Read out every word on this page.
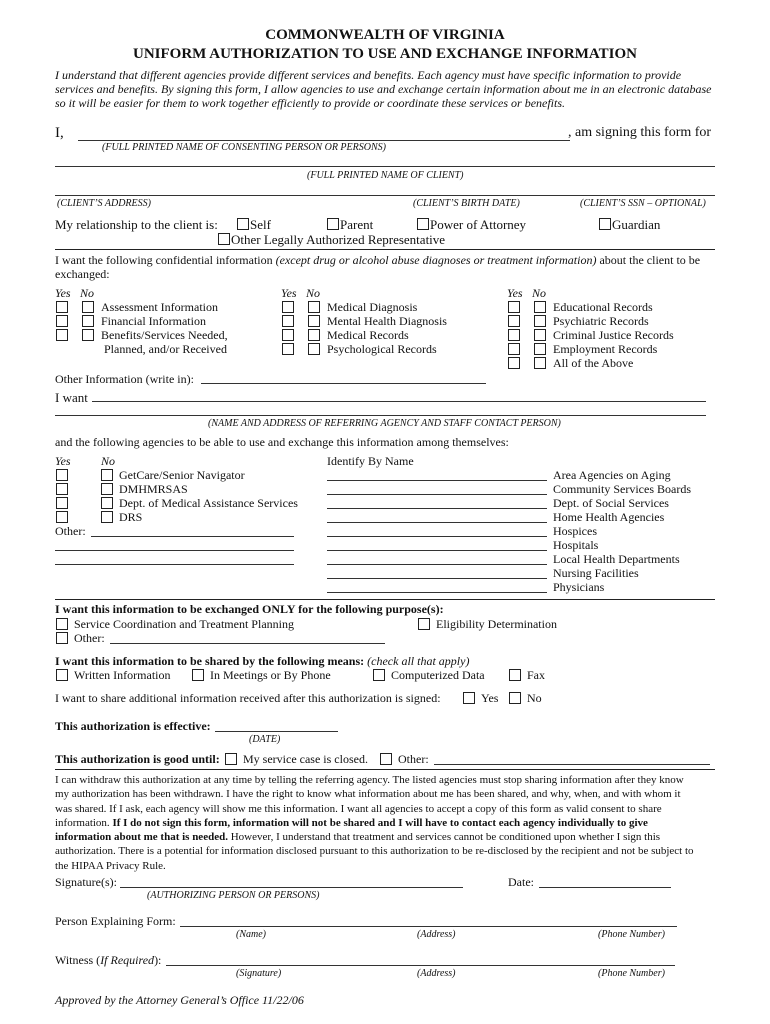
COMMONWEALTH OF VIRGINIA
UNIFORM AUTHORIZATION TO USE AND EXCHANGE INFORMATION
I understand that different agencies provide different services and benefits. Each agency must have specific information to provide
services and benefits. By signing this form, I allow agencies to use and exchange certain information about me in an electronic database
so it will be easier for them to work together efficiently to provide or coordinate these services or benefits.
I,	, am signing this form for
(FULL PRINTED NAME OF CONSENTING PERSON OR PERSONS)
(FULL PRINTED NAME OF CLIENT)
(CLIENT’S ADDRESS)	(CLIENT’S BIRTH DATE)	(CLIENT’S SSN – OPTIONAL)
My relationship to the client is: Self	Parent	Power of Attorney	Guardian
Other Legally Authorized Representative
I want the following confidential information (except drug or alcohol abuse diagnoses or treatment information) about the client to be
exchanged:
Yes No	Yes No	Yes No
Assessment Information
Financial Information
Benefits/Services Needed,
Planned, and/or Received
Medical Diagnosis
Mental Health Diagnosis
Medical Records
Psychological Records
Educational Records
Psychiatric Records
Criminal Justice Records
Employment Records
All of the Above
Other Information (write in):
I want
(NAME AND ADDRESS OF REFERRING AGENCY AND STAFF CONTACT PERSON)
and the following agencies to be able to use and exchange this information among themselves:
Yes	No	Identify By Name
GetCare/Senior Navigator
DMHMRSAS
Dept. of Medical Assistance Services
DRS
Other:
Area Agencies on Aging
Community Services Boards
Dept. of Social Services
Home Health Agencies
Hospices
Hospitals
Local Health Departments
Nursing Facilities
Physicians
I want this information to be exchanged ONLY for the following purpose(s):
Service Coordination and Treatment Planning	Eligibility Determination
Other:
I want this information to be shared by the following means: (check all that apply)
Written Information	In Meetings or By Phone	Computerized Data	Fax
I want to share additional information received after this authorization is signed:	Yes No
This authorization is effective:
(DATE)
This authorization is good until: My service case is closed.	Other:
I can withdraw this authorization at any time by telling the referring agency. The listed agencies must stop sharing information after they know
my authorization has been withdrawn. I have the right to know what information about me has been shared, and why, when, and with whom it
was shared. If I ask, each agency will show me this information. I want all agencies to accept a copy of this form as valid consent to share
information. If I do not sign this form, information will not be shared and I will have to contact each agency individually to give
information about me that is needed. However, I understand that treatment and services cannot be conditioned upon whether I sign this
authorization. There is a potential for information disclosed pursuant to this authorization to be re-disclosed by the recipient and not be subject to
the HIPAA Privacy Rule.
Signature(s):
(AUTHORIZING PERSON OR PERSONS)
Date:
Person Explaining Form:
(Name)	(Address)	(Phone Number)
Witness (If Required):
(Signature)	(Address)	(Phone Number)
Approved by the Attorney General’s Office 11/22/06
